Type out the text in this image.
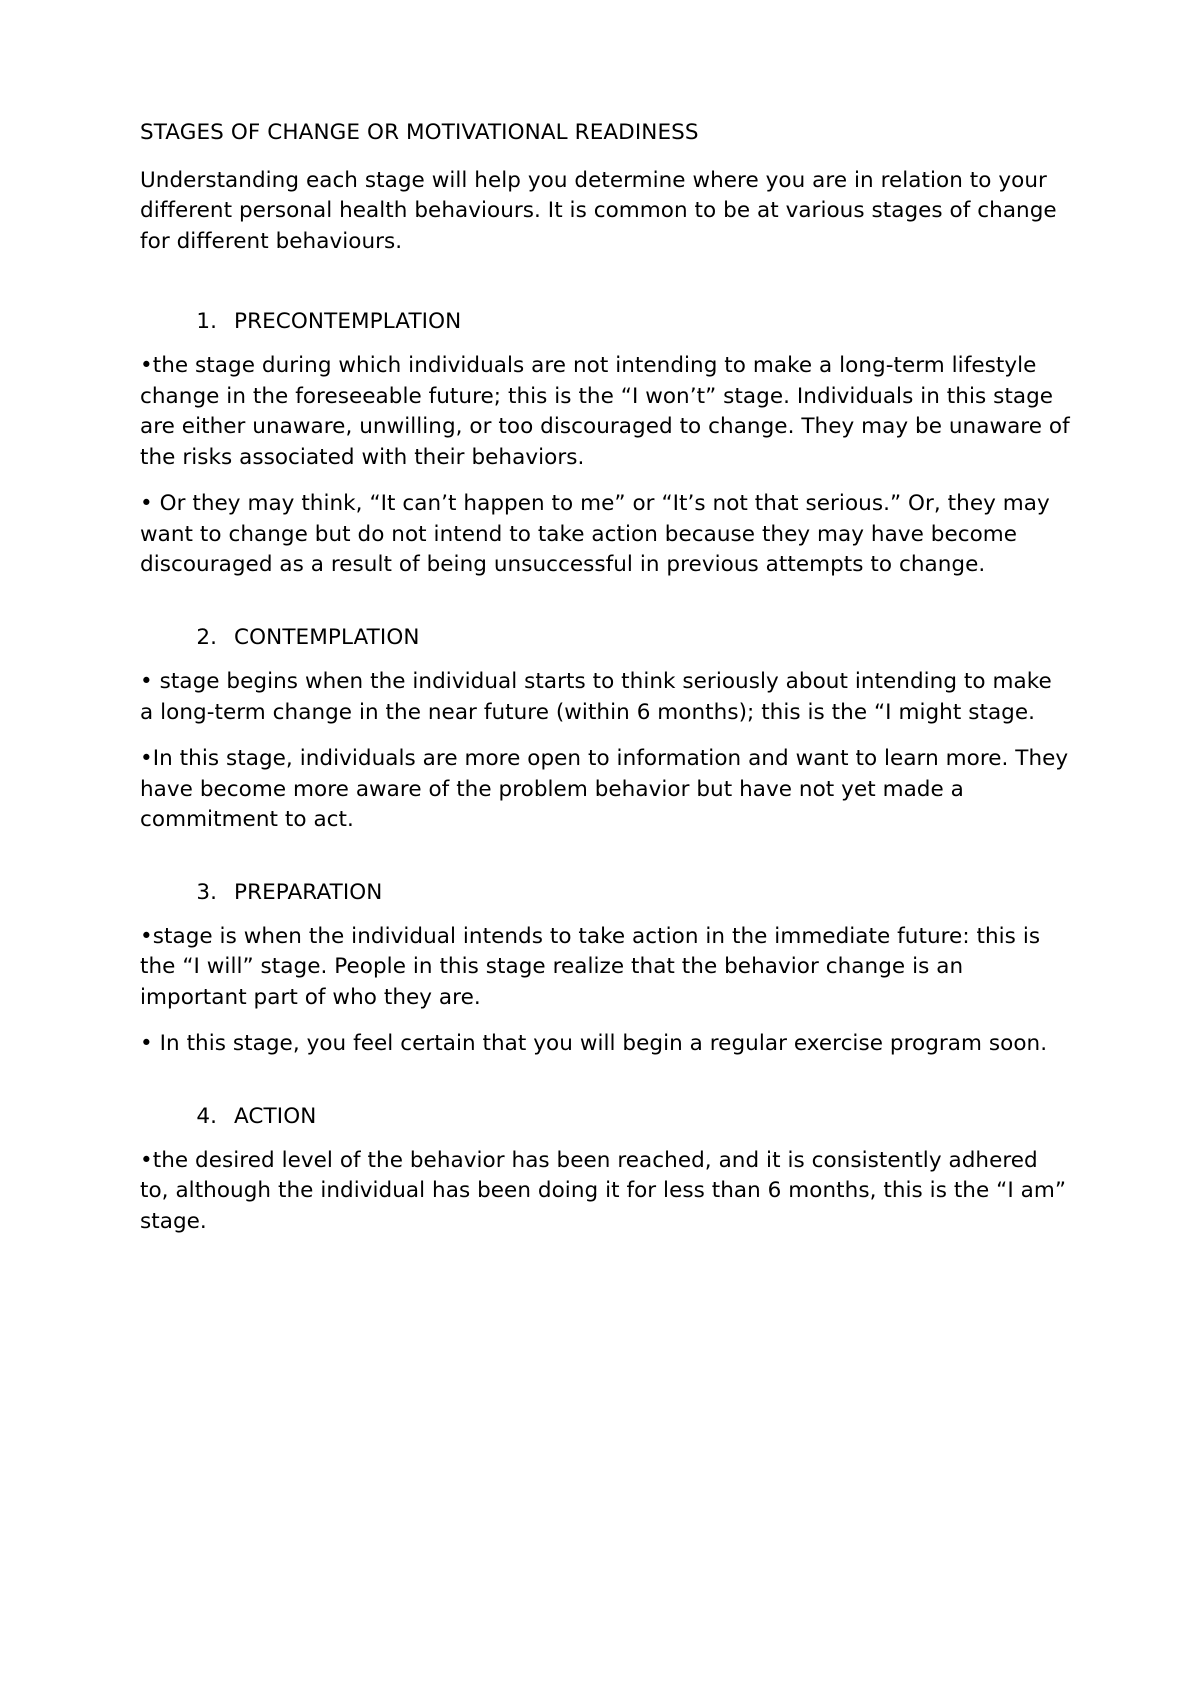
STAGES OF CHANGE OR MOTIVATIONAL READINESS

Understanding each stage will help you determine where you are in relation to your different personal health behaviours. It is common to be at various stages of change for different behaviours.

1. PRECONTEMPLATION

•the stage during which individuals are not intending to make a long-term lifestyle change in the foreseeable future; this is the “I won’t” stage. Individuals in this stage are either unaware, unwilling, or too discouraged to change. They may be unaware of the risks associated with their behaviors.

• Or they may think, “It can’t happen to me” or “It’s not that serious.” Or, they may want to change but do not intend to take action because they may have become discouraged as a result of being unsuccessful in previous attempts to change.

2. CONTEMPLATION

• stage begins when the individual starts to think seriously about intending to make a long-term change in the near future (within 6 months); this is the “I might stage.

•In this stage, individuals are more open to information and want to learn more. They have become more aware of the problem behavior but have not yet made a commitment to act.

3. PREPARATION

•stage is when the individual intends to take action in the immediate future: this is the “I will” stage. People in this stage realize that the behavior change is an important part of who they are.

• In this stage, you feel certain that you will begin a regular exercise program soon.

4. ACTION

•the desired level of the behavior has been reached, and it is consistently adhered to, although the individual has been doing it for less than 6 months, this is the “I am” stage.
